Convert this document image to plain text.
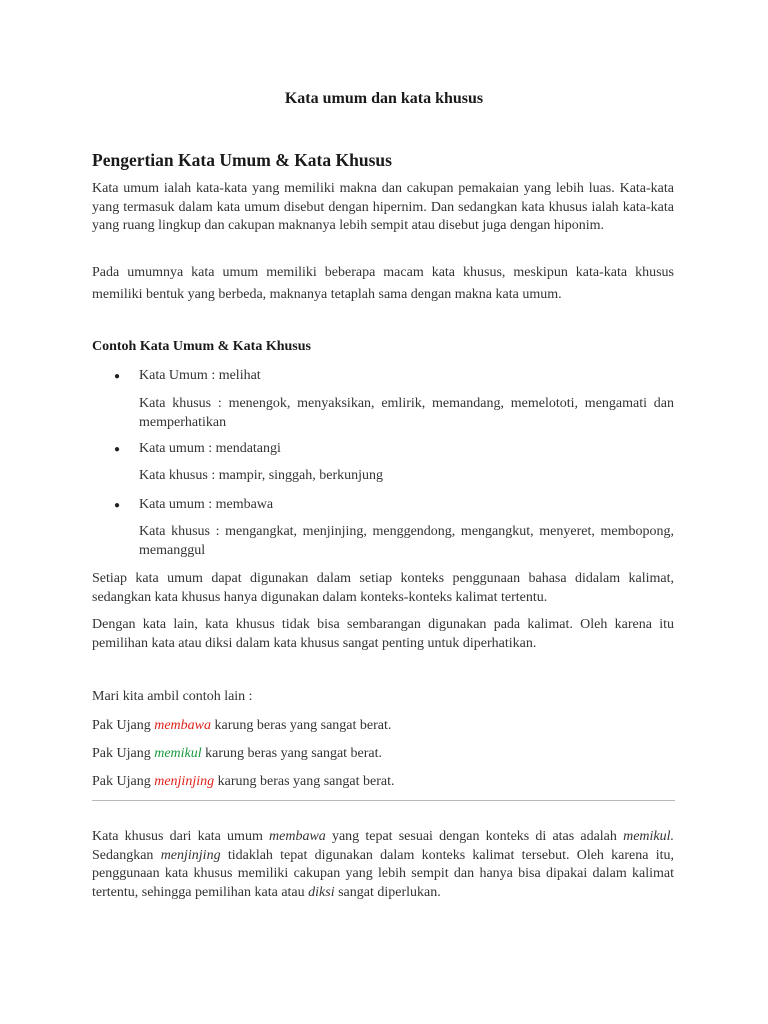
Kata umum dan kata khusus
Pengertian Kata Umum & Kata Khusus

Kata umum ialah kata-kata yang memiliki makna dan cakupan pemakaian yang lebih luas. Kata-kata yang termasuk dalam kata umum disebut dengan hipernim. Dan sedangkan kata khusus ialah kata-kata yang ruang lingkup dan cakupan maknanya lebih sempit atau disebut juga dengan hiponim.

Pada umumnya kata umum memiliki beberapa macam kata khusus, meskipun kata-kata khusus memiliki bentuk yang berbeda, maknanya tetaplah sama dengan makna kata umum.

Contoh Kata Umum & Kata Khusus
● Kata Umum : melihat

Kata khusus : menengok, menyaksikan, emlirik, memandang, memelototi, mengamati dan memperhatikan

● Kata umum : mendatangi

Kata khusus : mampir, singgah, berkunjung

● Kata umum : membawa

Kata khusus : mengangkat, menjinjing, menggendong, mengangkut, menyeret, membopong, memanggul

Setiap kata umum dapat digunakan dalam setiap konteks penggunaan bahasa didalam kalimat, sedangkan kata khusus hanya digunakan dalam konteks-konteks kalimat tertentu.

Dengan kata lain, kata khusus tidak bisa sembarangan digunakan pada kalimat. Oleh karena itu pemilihan kata atau diksi dalam kata khusus sangat penting untuk diperhatikan.

Mari kita ambil contoh lain :

Pak Ujang membawa karung beras yang sangat berat.

Pak Ujang memikul karung beras yang sangat berat.

Pak Ujang menjinjing karung beras yang sangat berat.

Kata khusus dari kata umum membawa yang tepat sesuai dengan konteks di atas adalah memikul. Sedangkan menjinjing tidaklah tepat digunakan dalam konteks kalimat tersebut. Oleh karena itu, penggunaan kata khusus memiliki cakupan yang lebih sempit dan hanya bisa dipakai dalam kalimat tertentu, sehingga pemilihan kata atau diksi sangat diperlukan.
